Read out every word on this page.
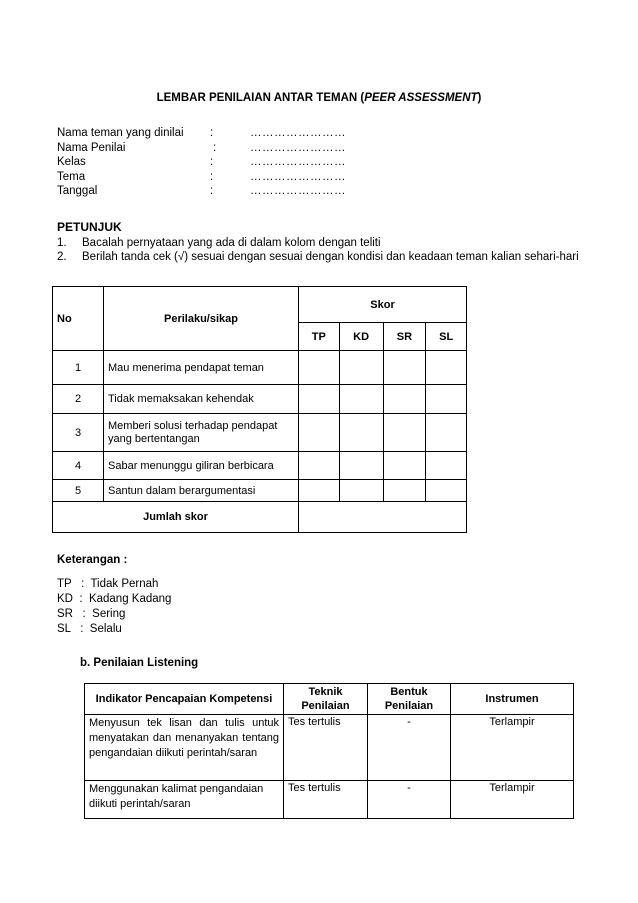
LEMBAR PENILAIAN ANTAR TEMAN (PEER ASSESSMENT)
Nama teman yang dinilai	:	……………………
Nama Penilai	:	……………………
Kelas	:	……………………
Tema	:	……………………
Tanggal	:	……………………
PETUNJUK
1. Bacalah pernyataan yang ada di dalam kolom dengan teliti
2. Berilah tanda cek (√) sesuai dengan sesuai dengan kondisi dan keadaan teman kalian sehari-hari
No	Perilaku/sikap	Skor			
		TP	KD	SR	SL
1	Mau menerima pendapat teman				
2	Tidak memaksakan kehendak				
3	Memberi solusi terhadap pendapat yang bertentangan				
4	Sabar menunggu giliran berbicara				
5	Santun dalam berargumentasi				
Jumlah skor					
Keterangan :
TP   :  Tidak Pernah
KD  :  Kadang Kadang
SR   :  Sering
SL   :  Selalu
b. Penilaian Listening
Indikator Pencapaian Kompetensi	Teknik Penilaian	Bentuk Penilaian	Instrumen
Menyusun tek lisan dan tulis untuk menyatakan dan menanyakan tentang pengandaian diikuti perintah/saran	Tes tertulis	-	Terlampir
Menggunakan kalimat pengandaian diikuti perintah/saran	Tes tertulis	-	Terlampir
